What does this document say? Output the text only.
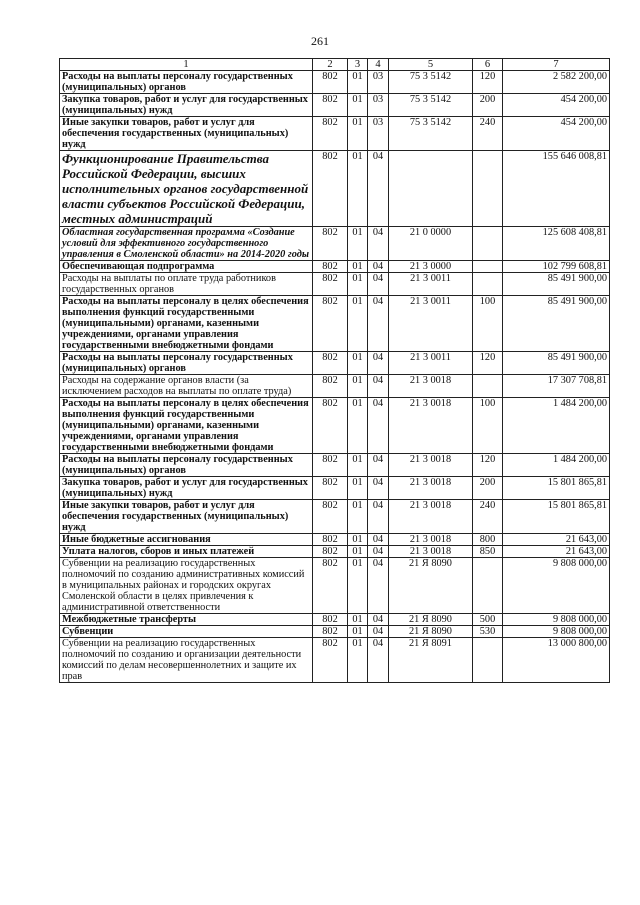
261
1	2	3	4	5	6	7
Расходы на выплаты персоналу государственных (муниципальных) органов	802	01	03	75 3 5142	120	2 582 200,00
Закупка товаров, работ и услуг для государственных (муниципальных) нужд	802	01	03	75 3 5142	200	454 200,00
Иные закупки товаров, работ и услуг для обеспечения государственных (муниципальных) нужд	802	01	03	75 3 5142	240	454 200,00
Функционирование Правительства Российской Федерации, высших исполнительных органов государственной власти субъектов Российской Федерации, местных администраций	802	01	04			155 646 008,81
Областная государственная программа «Создание условий для эффективного государственного управления в Смоленской области» на 2014-2020 годы	802	01	04	21 0 0000		125 608 408,81
Обеспечивающая подпрограмма	802	01	04	21 3 0000		102 799 608,81
Расходы на выплаты по оплате труда работников государственных органов	802	01	04	21 3 0011		85 491 900,00
Расходы на выплаты персоналу в целях обеспечения выполнения функций государственными (муниципальными) органами, казенными учреждениями, органами управления государственными внебюджетными фондами	802	01	04	21 3 0011	100	85 491 900,00
Расходы на выплаты персоналу государственных (муниципальных) органов	802	01	04	21 3 0011	120	85 491 900,00
Расходы на содержание органов власти (за исключением расходов на выплаты по оплате труда)	802	01	04	21 3 0018		17 307 708,81
Расходы на выплаты персоналу в целях обеспечения выполнения функций государственными (муниципальными) органами, казенными учреждениями, органами управления государственными внебюджетными фондами	802	01	04	21 3 0018	100	1 484 200,00
Расходы на выплаты персоналу государственных (муниципальных) органов	802	01	04	21 3 0018	120	1 484 200,00
Закупка товаров, работ и услуг для государственных (муниципальных) нужд	802	01	04	21 3 0018	200	15 801 865,81
Иные закупки товаров, работ и услуг для обеспечения государственных (муниципальных) нужд	802	01	04	21 3 0018	240	15 801 865,81
Иные бюджетные ассигнования	802	01	04	21 3 0018	800	21 643,00
Уплата налогов, сборов и иных платежей	802	01	04	21 3 0018	850	21 643,00
Субвенции на реализацию государственных полномочий по созданию административных комиссий в муниципальных районах и городских округах Смоленской области в целях привлечения к административной ответственности	802	01	04	21 Я 8090		9 808 000,00
Межбюджетные трансферты	802	01	04	21 Я 8090	500	9 808 000,00
Субвенции	802	01	04	21 Я 8090	530	9 808 000,00
Субвенции на реализацию государственных полномочий по созданию и организации деятельности комиссий по делам несовершеннолетних и защите их прав	802	01	04	21 Я 8091		13 000 800,00
